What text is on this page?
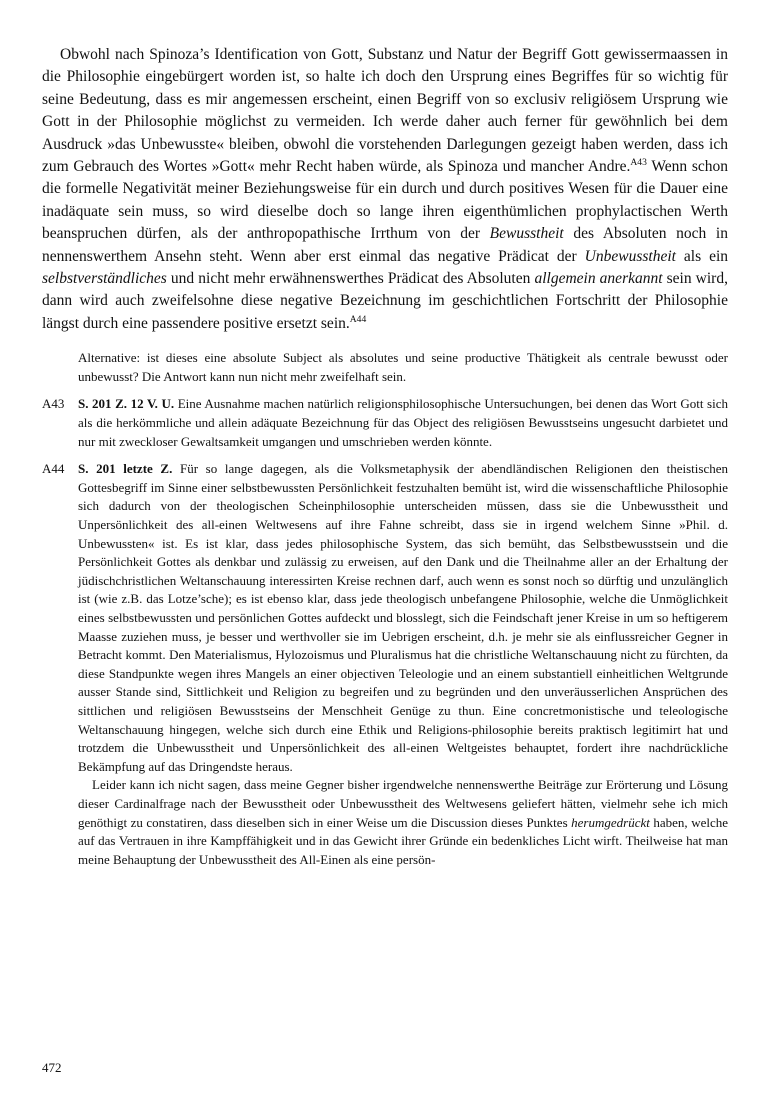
Obwohl nach Spinoza’s Identification von Gott, Substanz und Natur der Begriff Gott gewissermaassen in die Philosophie eingebürgert worden ist, so halte ich doch den Ursprung eines Begriffes für so wichtig für seine Bedeutung, dass es mir angemessen erscheint, einen Begriff von so exclusiv religiösem Ursprung wie Gott in der Philosophie möglichst zu vermeiden. Ich werde daher auch ferner für gewöhnlich bei dem Ausdruck »das Unbewusste« bleiben, obwohl die vorstehenden Darlegungen gezeigt haben werden, dass ich zum Gebrauch des Wortes »Gott« mehr Recht haben würde, als Spinoza und mancher Andre.$^{A43}$ Wenn schon die formelle Negativität meiner Beziehungsweise für ein durch und durch positives Wesen für die Dauer eine inadäquate sein muss, so wird dieselbe doch so lange ihren eigenthümlichen prophylactischen Werth beanspruchen dürfen, als der anthropopathische Irrthum von der Bewusstheit des Absoluten noch in nennenswerthem Ansehn steht. Wenn aber erst einmal das negative Prädicat der Unbewusstheit als ein selbstverständliches und nicht mehr erwähnenswerthes Prädicat des Absoluten allgemein anerkannt sein wird, dann wird auch zweifelsohne diese negative Bezeichnung im geschichtlichen Fortschritt der Philosophie längst durch eine passendere positive ersetzt sein.$^{A44}$

Alternative: ist dieses eine absolute Subject als absolutes und seine productive Thätigkeit als centrale bewusst oder unbewusst? Die Antwort kann nun nicht mehr zweifelhaft sein.

A43 S. 201 Z. 12 V. U. Eine Ausnahme machen natürlich religionsphilosophische Untersuchungen, bei denen das Wort Gott sich als die herkömmliche und allein adäquate Bezeichnung für das Object des religiösen Bewusstseins ungesucht darbietet und nur mit zweckloser Gewaltsamkeit umgangen und umschrieben werden könnte.

A44 S. 201 letzte Z. Für so lange dagegen, als die Volksmetaphysik der abendländischen Religionen den theistischen Gottesbegriff im Sinne einer selbstbewussten Persönlichkeit festzuhalten bemüht ist, wird die wissenschaftliche Philosophie sich dadurch von der theologischen Scheinphilosophie unterscheiden müssen, dass sie die Unbewusstheit und Unpersönlichkeit des all-einen Weltwesens auf ihre Fahne schreibt, dass sie in irgend welchem Sinne »Phil. d. Unbewussten« ist. Es ist klar, dass jedes philosophische System, das sich bemüht, das Selbstbewusstsein und die Persönlichkeit Gottes als denkbar und zulässig zu erweisen, auf den Dank und die Theilnahme aller an der Erhaltung der jüdischchristlichen Weltanschauung interessirten Kreise rechnen darf, auch wenn es sonst noch so dürftig und unzulänglich ist (wie z.B. das Lotze’sche); es ist ebenso klar, dass jede theologisch unbefangene Philosophie, welche die Unmöglichkeit eines selbstbewussten und persönlichen Gottes aufdeckt und blosslegt, sich die Feindschaft jener Kreise in um so heftigerem Maasse zuziehen muss, je besser und werthvoller sie im Uebrigen erscheint, d.h. je mehr sie als einflussreicher Gegner in Betracht kommt. Den Materialismus, Hylozoismus und Pluralismus hat die christliche Weltanschauung nicht zu fürchten, da diese Standpunkte wegen ihres Mangels an einer objectiven Teleologie und an einem substantiell einheitlichen Weltgrunde ausser Stande sind, Sittlichkeit und Religion zu begreifen und zu begründen und den unveräusserlichen Ansprüchen des sittlichen und religiösen Bewusstseins der Menschheit Genüge zu thun. Eine concretmonistische und teleologische Weltanschauung hingegen, welche sich durch eine Ethik und Religions-philosophie bereits praktisch legitimirt hat und trotzdem die Unbewusstheit und Unpersönlichkeit des all-einen Weltgeistes behauptet, fordert ihre nachdrückliche Bekämpfung auf das Dringendste heraus.

Leider kann ich nicht sagen, dass meine Gegner bisher irgendwelche nennenswerthe Beiträge zur Erörterung und Lösung dieser Cardinalfrage nach der Bewusstheit oder Unbewusstheit des Weltwesens geliefert hätten, vielmehr sehe ich mich genöthigt zu constatiren, dass dieselben sich in einer Weise um die Discussion dieses Punktes herumgedrückt haben, welche auf das Vertrauen in ihre Kampffähigkeit und in das Gewicht ihrer Gründe ein bedenkliches Licht wirft. Theilweise hat man meine Behauptung der Unbewusstheit des All-Einen als eine persön-

472
